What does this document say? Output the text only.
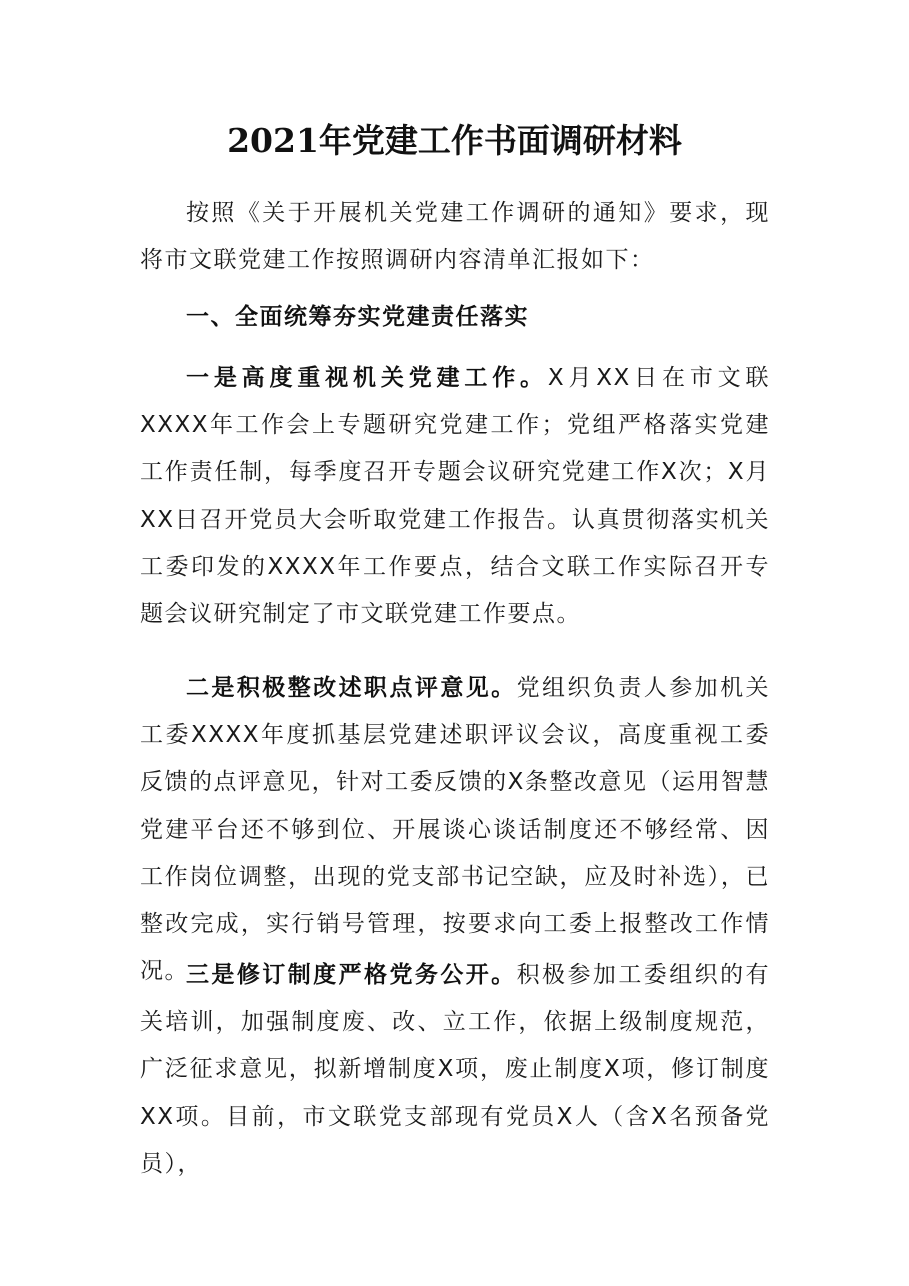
2021年党建工作书面调研材料

按照《关于开展机关党建工作调研的通知》要求，现将市文联党建工作按照调研内容清单汇报如下：

一、全面统筹夯实党建责任落实

一是高度重视机关党建工作。X月XX日在市文联XXXX年工作会上专题研究党建工作；党组严格落实党建工作责任制，每季度召开专题会议研究党建工作X次；X月XX日召开党员大会听取党建工作报告。认真贯彻落实机关工委印发的XXXX年工作要点，结合文联工作实际召开专题会议研究制定了市文联党建工作要点。

二是积极整改述职点评意见。党组织负责人参加机关工委XXXX年度抓基层党建述职评议会议，高度重视工委反馈的点评意见，针对工委反馈的X条整改意见（运用智慧党建平台还不够到位、开展谈心谈话制度还不够经常、因工作岗位调整，出现的党支部书记空缺，应及时补选），已整改完成，实行销号管理，按要求向工委上报整改工作情况。

三是修订制度严格党务公开。积极参加工委组织的有关培训，加强制度废、改、立工作，依据上级制度规范，广泛征求意见，拟新增制度X项，废止制度X项，修订制度XX项。目前，市文联党支部现有党员X人（含X名预备党员），
